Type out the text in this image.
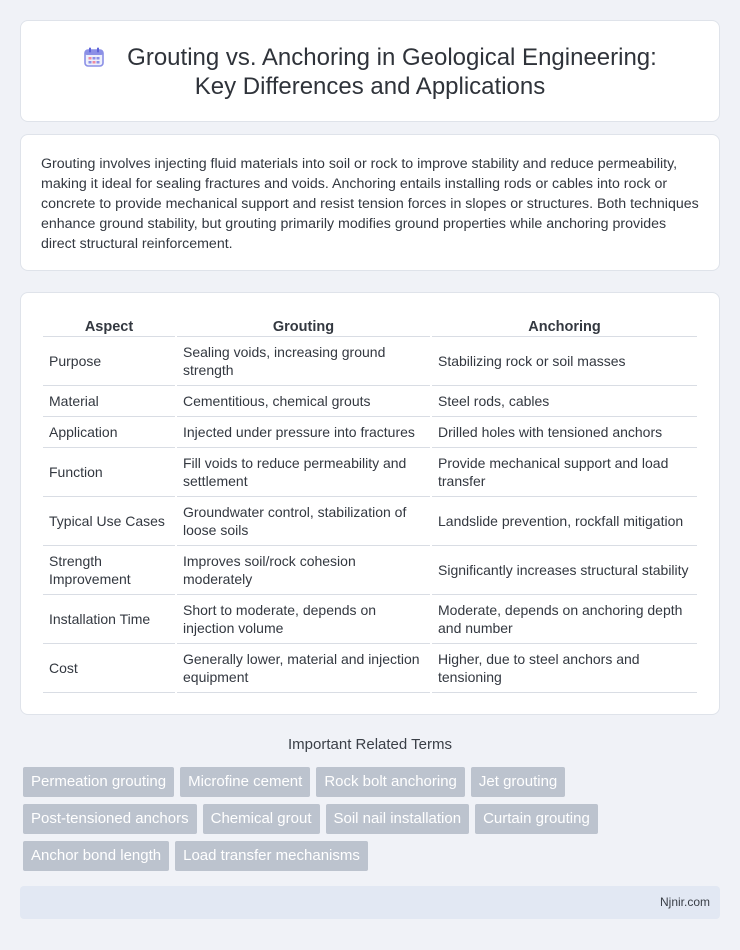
Grouting vs. Anchoring in Geological Engineering: Key Differences and Applications

Grouting involves injecting fluid materials into soil or rock to improve stability and reduce permeability, making it ideal for sealing fractures and voids. Anchoring entails installing rods or cables into rock or concrete to provide mechanical support and resist tension forces in slopes or structures. Both techniques enhance ground stability, but grouting primarily modifies ground properties while anchoring provides direct structural reinforcement.

Aspect	Grouting	Anchoring
Purpose	Sealing voids, increasing ground strength	Stabilizing rock or soil masses
Material	Cementitious, chemical grouts	Steel rods, cables
Application	Injected under pressure into fractures	Drilled holes with tensioned anchors
Function	Fill voids to reduce permeability and settlement	Provide mechanical support and load transfer
Typical Use Cases	Groundwater control, stabilization of loose soils	Landslide prevention, rockfall mitigation
Strength Improvement	Improves soil/rock cohesion moderately	Significantly increases structural stability
Installation Time	Short to moderate, depends on injection volume	Moderate, depends on anchoring depth and number
Cost	Generally lower, material and injection equipment	Higher, due to steel anchors and tensioning
Important Related Terms
Permeation grouting	Microfine cement	Rock bolt anchoring	Jet grouting
Post-tensioned anchors	Chemical grout	Soil nail installation	Curtain grouting
Anchor bond length	Load transfer mechanisms
Njnir.com
